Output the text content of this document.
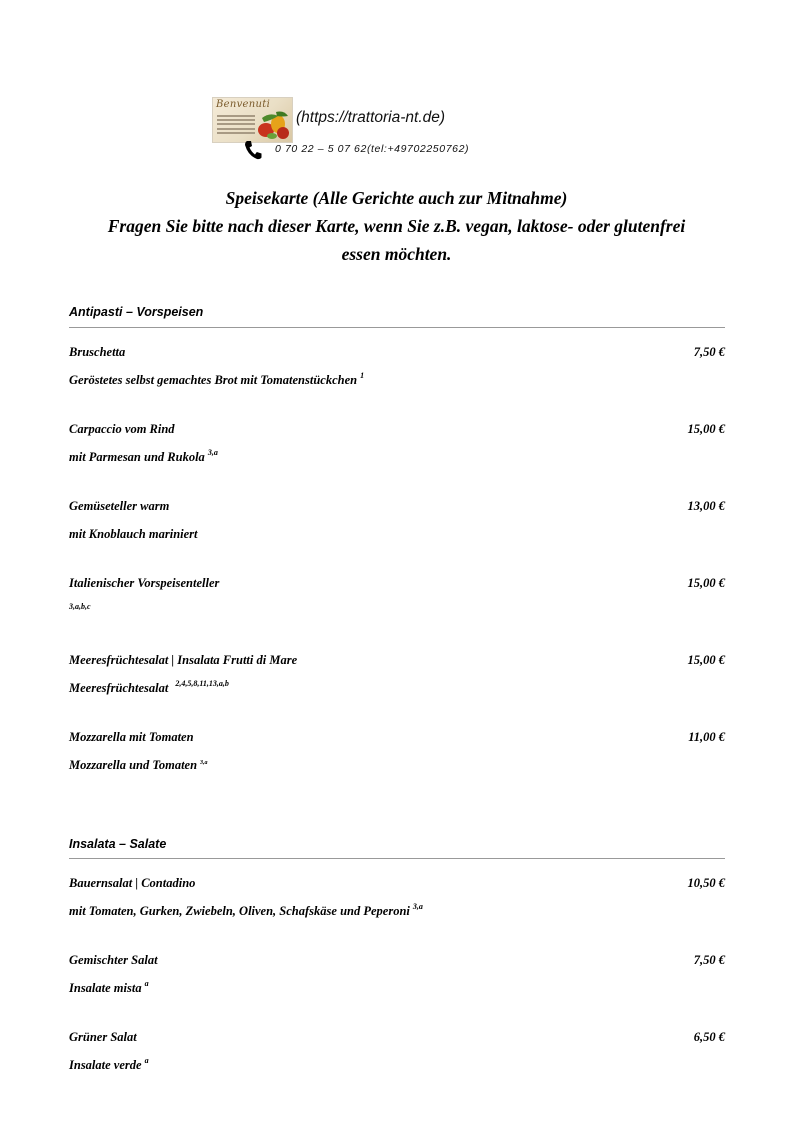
Benvenuti
(https://trattoria-nt.de)
0 70 22 – 5 07 62(tel:+49702250762)
Speisekarte (Alle Gerichte auch zur Mitnahme)
Fragen Sie bitte nach dieser Karte, wenn Sie z.B. vegan, laktose- oder glutenfrei
essen möchten.
Antipasti – Vorspeisen
Bruschetta	7,50 €
Geröstetes selbst gemachtes Brot mit Tomatenstückchen $^1$
Carpaccio vom Rind	15,00 €
mit Parmesan und Rukola $^{3,a}$
Gemüseteller warm	13,00 €
mit Knoblauch mariniert
Italienischer Vorspeisenteller	15,00 €
3,a,b,c
Meeresfrüchtesalat | Insalata Frutti di Mare	15,00 €
Meeresfrüchtesalat $^{2,4,5,8,11,13,a,b}$
Mozzarella mit Tomaten	11,00 €
Mozzarella und Tomaten $^{3,a}$
Insalata – Salate
Bauernsalat | Contadino	10,50 €
mit Tomaten, Gurken, Zwiebeln, Oliven, Schafskäse und Peperoni $^{3,a}$
Gemischter Salat	7,50 €
Insalate mista $^a$
Grüner Salat	6,50 €
Insalate verde $^a$
